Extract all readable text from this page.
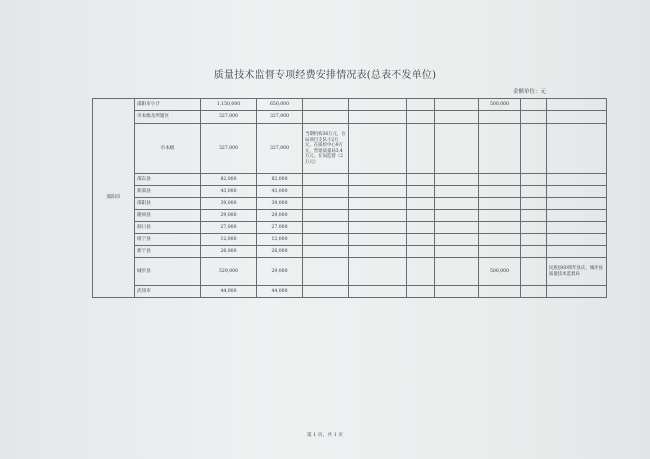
质量技术监督专项经费安排情况表(总表不发单位)
金额单位：元
邵阳市	邵阳市小计	1,150,000	650,000					500,000		
	市本级及所辖区	327,000	327,000							
	市本级	327,000	327,000	当期机构36万元，在局项目支队小2万元，在质检中心9万元，营销质量局3.4万元，在局监督（2万元）						
	邵东县	82,000	82,000							
	新邵县	43,000	43,000							
	邵阳县	39,000	39,000							
	隆回县	29,000	29,000							
	洞口县	27,000	27,000							
	绥宁县	12,000	12,000							
	新宁县	26,000	26,000							
	城步县	529,000	29,000					500,000		民族县60周年县庆，城步县质量技术监督局
	武冈市	44,000	44,000							
第 1 页，共 1 页
